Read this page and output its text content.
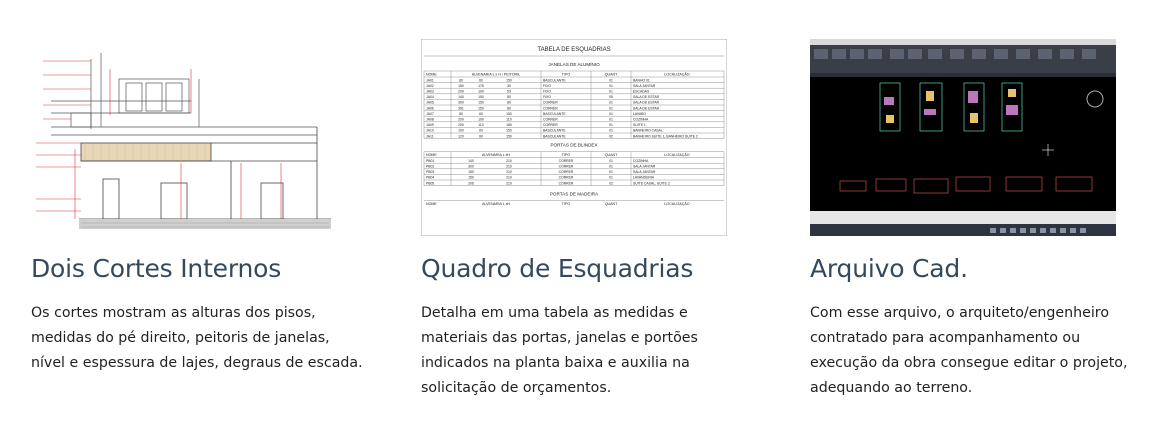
Dois Cortes Internos

Os cortes mostram as alturas dos pisos,
medidas do pé direito, peitoris de janelas,
nível e espessura de lajes, degraus de escada.

TABELA DE ESQUADRIAS
JANELAS DE ALUMÍNIO
NOME	ALVENARIA L x H / PEITORIL	TIPO	QUANT	LOCALIZAÇÃO
JA01	80	60	150	BASCULANTE	01	BANHO 01
JA02	150	175	30	FIXO	01	SALA JANTAR
JA03	200	100	53	FIXO	01	ESCADAS
JA04	140	150	80	FIXO	05	SALA DE ESTAR
JA05	300	150	80	CORRER	01	SALA DE ESTAR
JA06	391	150	80	CORRER	01	SALA DE ESTAR
JA07	80	60	150	BASCULANTE	01	LAVABO
JA08	200	100	110	CORRER	01	COZINHA
JA09	200	110	180	CORRER	01	SUITE 1
JA10	100	60	150	BASCULANTE	01	BANHEIRO CASAL
JA11	120	60	150	BASCULANTE	02	BANHEIRO SUITE 1, BANHEIRO SUITE 2
PORTAS DE BLINDEX
NOME	ALVENARIA L xH	TIPO	QUANT	LOCALIZAÇÃO
PB01	140	210	CORRER	01	COZINHA
PB02	300	210	CORRER	01	SALA JANTAR
PB03	150	210	CORRER	01	SALA JANTAR
PB04	150	210	CORRER	01	LAVANDERIA
PB05	206	210	CORRER	02	SUITE CASAL, SUITE 2
PORTAS DE MADEIRA
NOME	ALVENARIA L xH	TIPO	QUANT	LOCALIZAÇÃO
Quadro de Esquadrias

Detalha em uma tabela as medidas e
materiais das portas, janelas e portões
indicados na planta baixa e auxilia na
solicitação de orçamentos.

Arquivo Cad.

Com esse arquivo, o arquiteto/engenheiro
contratado para acompanhamento ou
execução da obra consegue editar o projeto,
adequando ao terreno.
